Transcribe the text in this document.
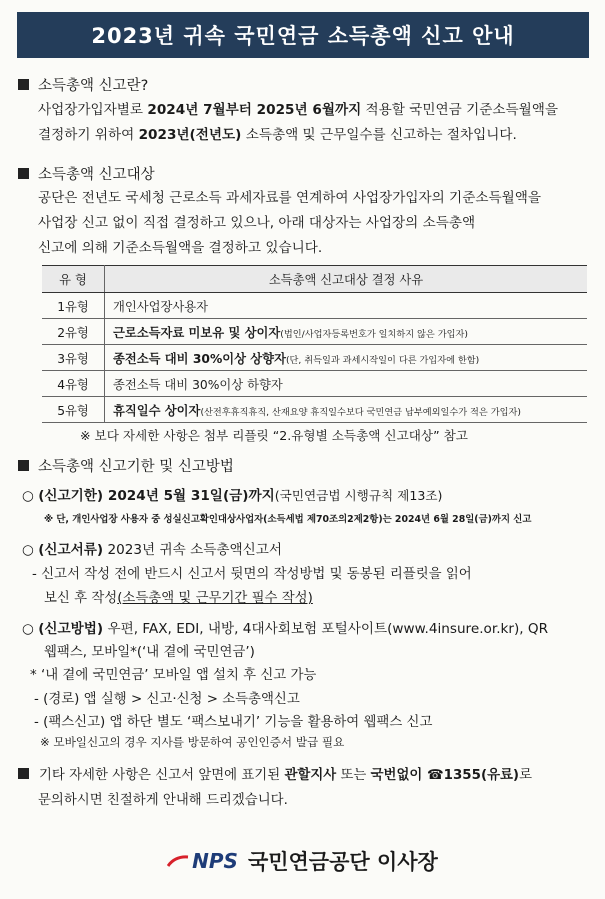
2023년 귀속 국민연금 소득총액 신고 안내
소득총액 신고란?
사업장가입자별로 2024년 7월부터 2025년 6월까지 적용할 국민연금 기준소득월액을
결정하기 위하여 2023년(전년도) 소득총액 및 근무일수를 신고하는 절차입니다.
소득총액 신고대상
공단은 전년도 국세청 근로소득 과세자료를 연계하여 사업장가입자의 기준소득월액을
사업장 신고 없이 직접 결정하고 있으나, 아래 대상자는 사업장의 소득총액
신고에 의해 기준소득월액을 결정하고 있습니다.
유 형	소득총액 신고대상 결정 사유
1유형	개인사업장사용자
2유형	근로소득자료 미보유 및 상이자(법인/사업자등록번호가 일치하지 않은 가입자)
3유형	종전소득 대비 30%이상 상향자(단, 취득일과 과세시작일이 다른 가입자에 한함)
4유형	종전소득 대비 30%이상 하향자
5유형	휴직일수 상이자(산전후휴직휴직, 산재요양 휴직일수보다 국민연금 납부예외일수가 적은 가입자)
※ 보다 자세한 사항은 첨부 리플릿 “2.유형별 소득총액 신고대상” 참고
소득총액 신고기한 및 신고방법
○ (신고기한) 2024년 5월 31일(금)까지(국민연금법 시행규칙 제13조)
※ 단, 개인사업장 사용자 중 성실신고확인대상사업자(소득세법 제70조의2제2항)는 2024년 6월 28일(금)까지 신고
○ (신고서류) 2023년 귀속 소득총액신고서
- 신고서 작성 전에 반드시 신고서 뒷면의 작성방법 및 동봉된 리플릿을 읽어
보신 후 작성(소득총액 및 근무기간 필수 작성)
○ (신고방법) 우편, FAX, EDI, 내방, 4대사회보험 포털사이트(www.4insure.or.kr), QR
웹팩스, 모바일*(‘내 곁에 국민연금’)
* ‘내 곁에 국민연금’ 모바일 앱 설치 후 신고 가능
- (경로) 앱 실행 > 신고·신청 > 소득총액신고
- (팩스신고) 앱 하단 별도 ‘팩스보내기’ 기능을 활용하여 웹팩스 신고
※ 모바일신고의 경우 지사를 방문하여 공인인증서 발급 필요
기타 자세한 사항은 신고서 앞면에 표기된 관할지사 또는 국번없이 ☎1355(유료)로
문의하시면 친절하게 안내해 드리겠습니다.
NPS 국민연금공단 이사장
